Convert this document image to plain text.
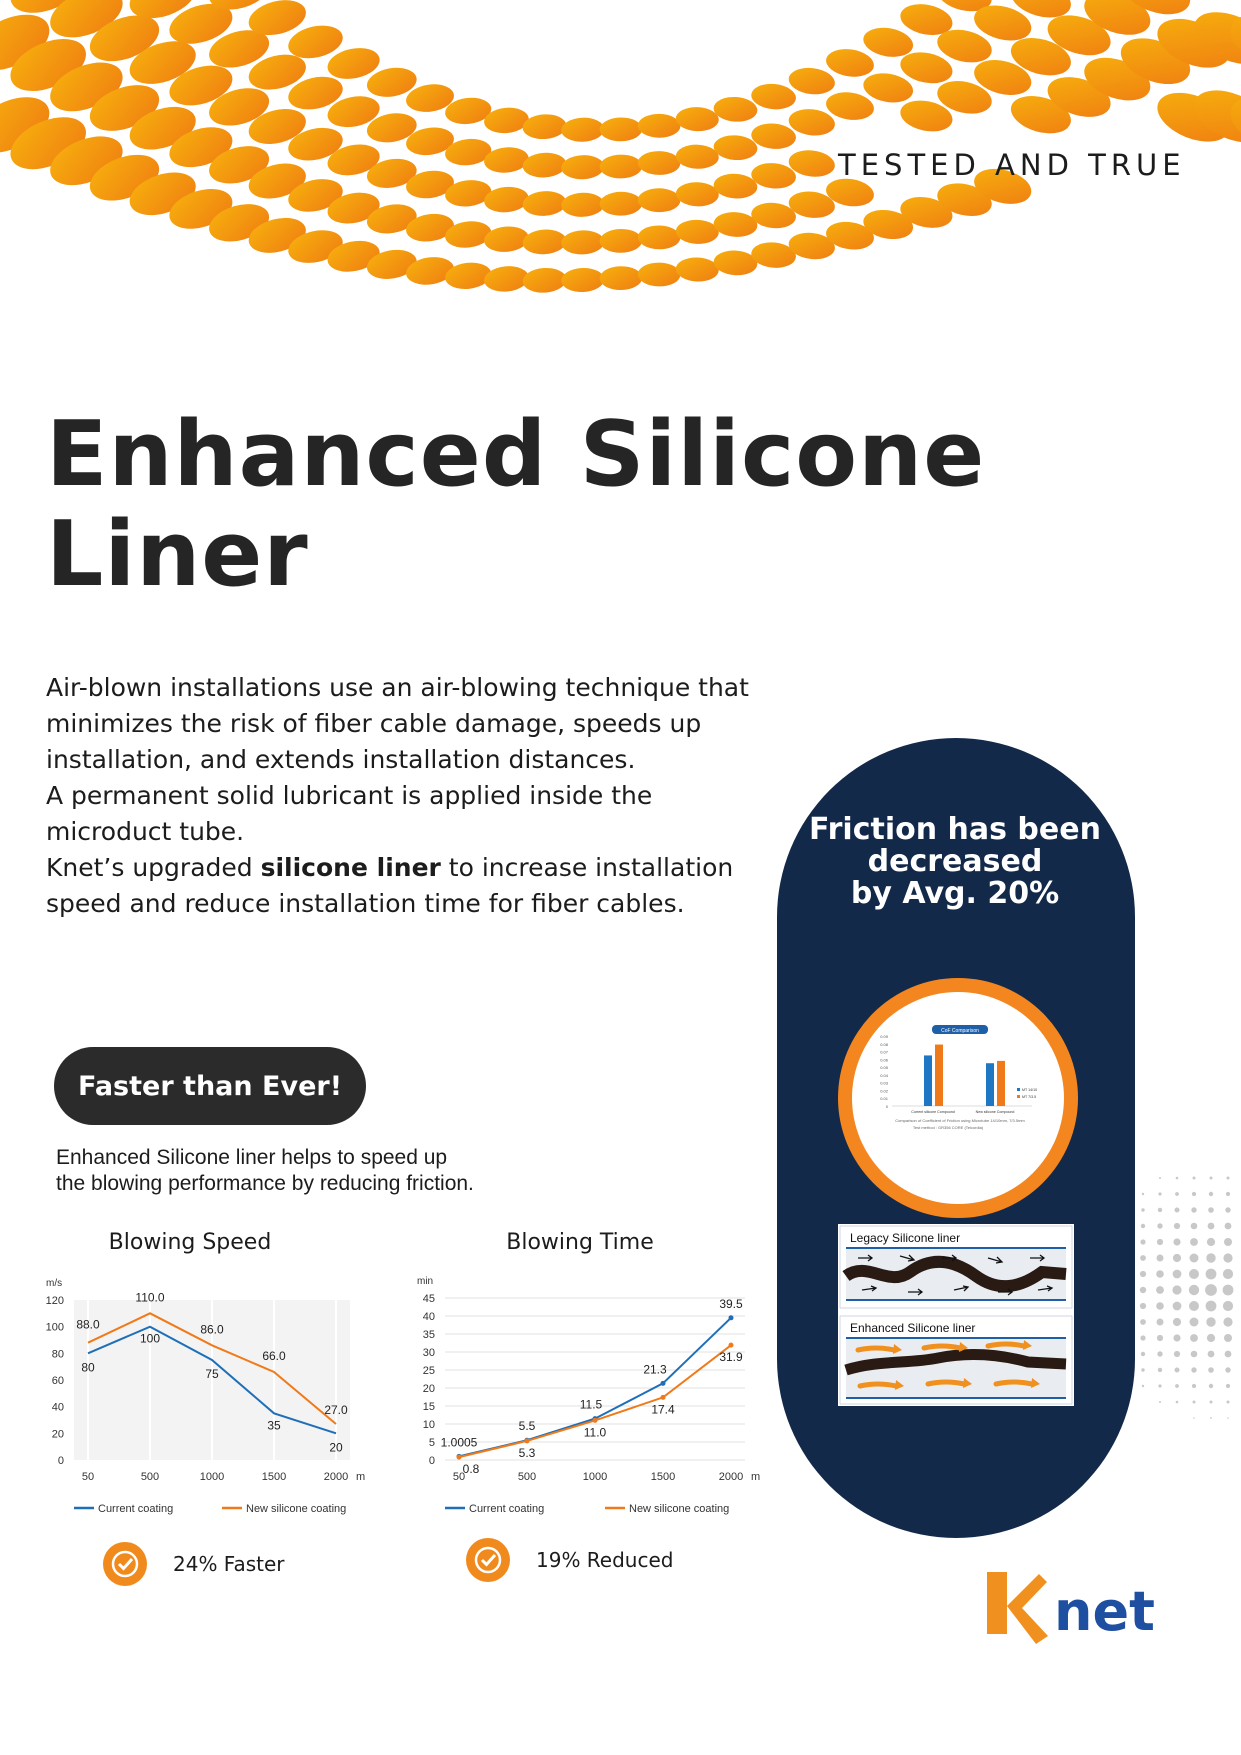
TESTED AND TRUE
Enhanced Silicone
Liner

Air-blown installations use an air-blowing technique that minimizes the risk of fiber cable damage, speeds up installation, and extends installation distances.

A permanent solid lubricant is applied inside the microduct tube.

Knet’s upgraded silicone liner to increase installation speed and reduce installation time for fiber cables.

Faster than Ever!
Enhanced Silicone liner helps to speed up
the blowing performance by reducing friction.
Blowing Speed
m/s
0
20
40
60
80
100
120
50	500	1000	1500	2000 m
80
100
75
35
20
88.0
110.0
86.0
66.0
27.0
Current coating	New silicone coating
Blowing Time
min
0
5
10
15
20
25
30
35
40
45
50	500	1000	1500	2000 m
1.0005
5.5
11.5
21.3
39.5
0.8
5.3
11.0
17.4
31.9
Current coating	New silicone coating
24% Faster	19% Reduced
Friction has been
decreased
by Avg. 20%
CoF Comparison
0
0.01
0.02
0.03
0.04
0.05
0.06
0.07
0.08
0.09
Current silicone Compound	New silicone Compound
MT 14/10
MT 7/3.5
Comparison of Coefficient of Friction using Microtube 14/10mm, 7/3.5mm
Test method : GR356 CORE (Telcordia)
Legacy Silicone liner
Enhanced Silicone liner
net
